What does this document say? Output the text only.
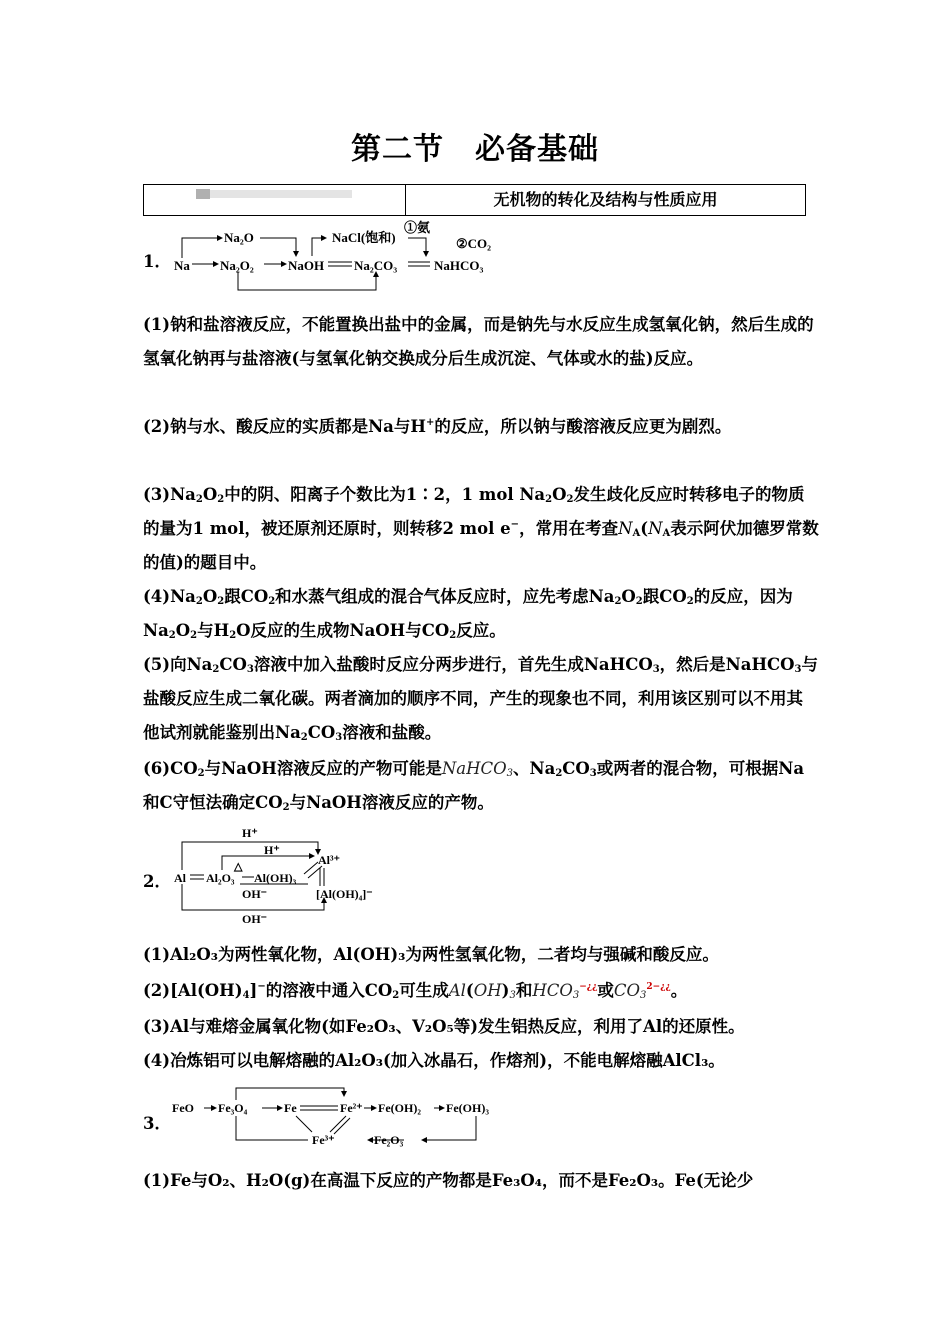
第二节　必备基础
无机物的转化及结构与性质应用
1． Na
Na₂O
Na₂O₂	NaOH Na₂CO₃
NaCl(饱和)
①氨
②CO₂
NaHCO₃

(1)钠和盐溶液反应，不能置换出盐中的金属，而是钠先与水反应生成氢氧化钠，然后生成的氢氧化钠再与盐溶液(与氢氧化钠交换成分后生成沉淀、气体或水的盐)反应。

(2)钠与水、酸反应的实质都是Na与H+的反应，所以钠与酸溶液反应更为剧烈。

$(3)Na_2O_2$中的阴、阳离子个数比为1∶2，1 mol $Na_2O_2$发生歧化反应时转移电子的物质的量为1 mol，被还原剂还原时，则转移2 mol e−，常用在考查$N_A(N_A$表示阿伏加德罗常数的值)的题目中。

$(4)Na_2O_2$跟$CO_2$和水蒸气组成的混合气体反应时，应先考虑$Na_2O_2$跟$CO_2$的反应，因为$Na_2O_2$与$H_2O$反应的生成物NaOH与$CO_2$反应。

(5)向$Na_2CO_3$溶液中加入盐酸时反应分两步进行，首先生成NaHCO$_3$，然后是NaHCO$_3$与盐酸反应生成二氧化碳。两者滴加的顺序不同，产生的现象也不同，利用该区别可以不用其他试剂就能鉴别出$Na_2CO_3$溶液和盐酸。

$(6)CO_2$与NaOH溶液反应的产物可能是NaHCO$_3$、$Na_2CO_3$或两者的混合物，可根据Na和C守恒法确定$CO_2$与NaOH溶液反应的产物。

2．
H⁺
H⁺
Al³⁺
Al Al₂O₃
△
Al(OH)₃
OH⁻	[Al(OH)₄]⁻
OH⁻

(1)Al₂O₃为两性氧化物，Al(OH)₃为两性氢氧化物，二者均与强碱和酸反应。

$(2)[Al(OH)_4]^-$的溶液中通入$CO_2$可生成$Al(OH)_3$和$HCO_3^{-¿¿}$或$CO_3^{2-¿¿}$。

(3)Al与难熔金属氧化物(如Fe₂O₃、V₂O₅等)发生铝热反应，利用了Al的还原性。

(4)冶炼铝可以电解熔融的Al₂O₃(加入冰晶石，作熔剂)，不能电解熔融AlCl₃。

3．
FeO Fe₃O₄	Fe	Fe²⁺ Fe(OH)₂ Fe(OH)₃
Fe³⁺	Fe₂O₃

(1)Fe与O₂、H₂O(g)在高温下反应的产物都是Fe₃O₄，而不是Fe₂O₃。Fe(无论少
